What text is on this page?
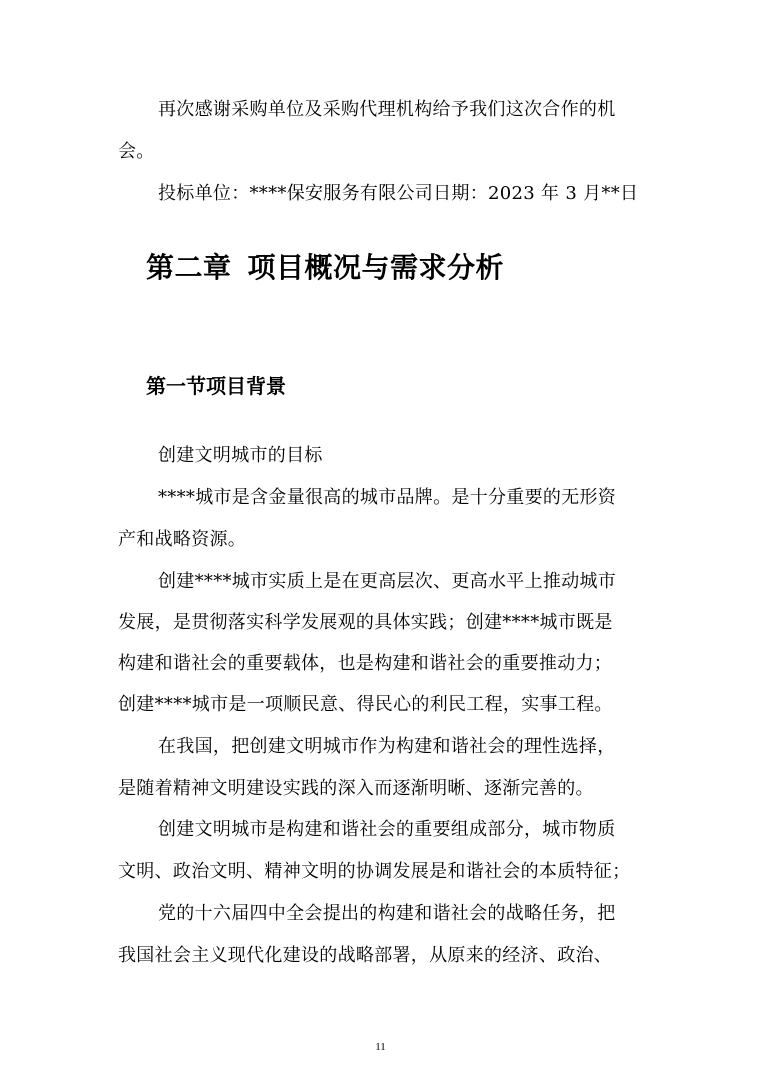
再次感谢采购单位及采购代理机构给予我们这次合作的机
会。
投标单位：****保安服务有限公司日期：2023 年 3 月**日
第二章 项目概况与需求分析
第一节项目背景
创建文明城市的目标
****城市是含金量很高的城市品牌。是十分重要的无形资
产和战略资源。
创建****城市实质上是在更高层次、更高水平上推动城市
发展，是贯彻落实科学发展观的具体实践；创建****城市既是
构建和谐社会的重要载体，也是构建和谐社会的重要推动力；
创建****城市是一项顺民意、得民心的利民工程，实事工程。
在我国，把创建文明城市作为构建和谐社会的理性选择，
是随着精神文明建设实践的深入而逐渐明晰、逐渐完善的。
创建文明城市是构建和谐社会的重要组成部分，城市物质
文明、政治文明、精神文明的协调发展是和谐社会的本质特征；
党的十六届四中全会提出的构建和谐社会的战略任务，把
我国社会主义现代化建设的战略部署，从原来的经济、政治、
11
